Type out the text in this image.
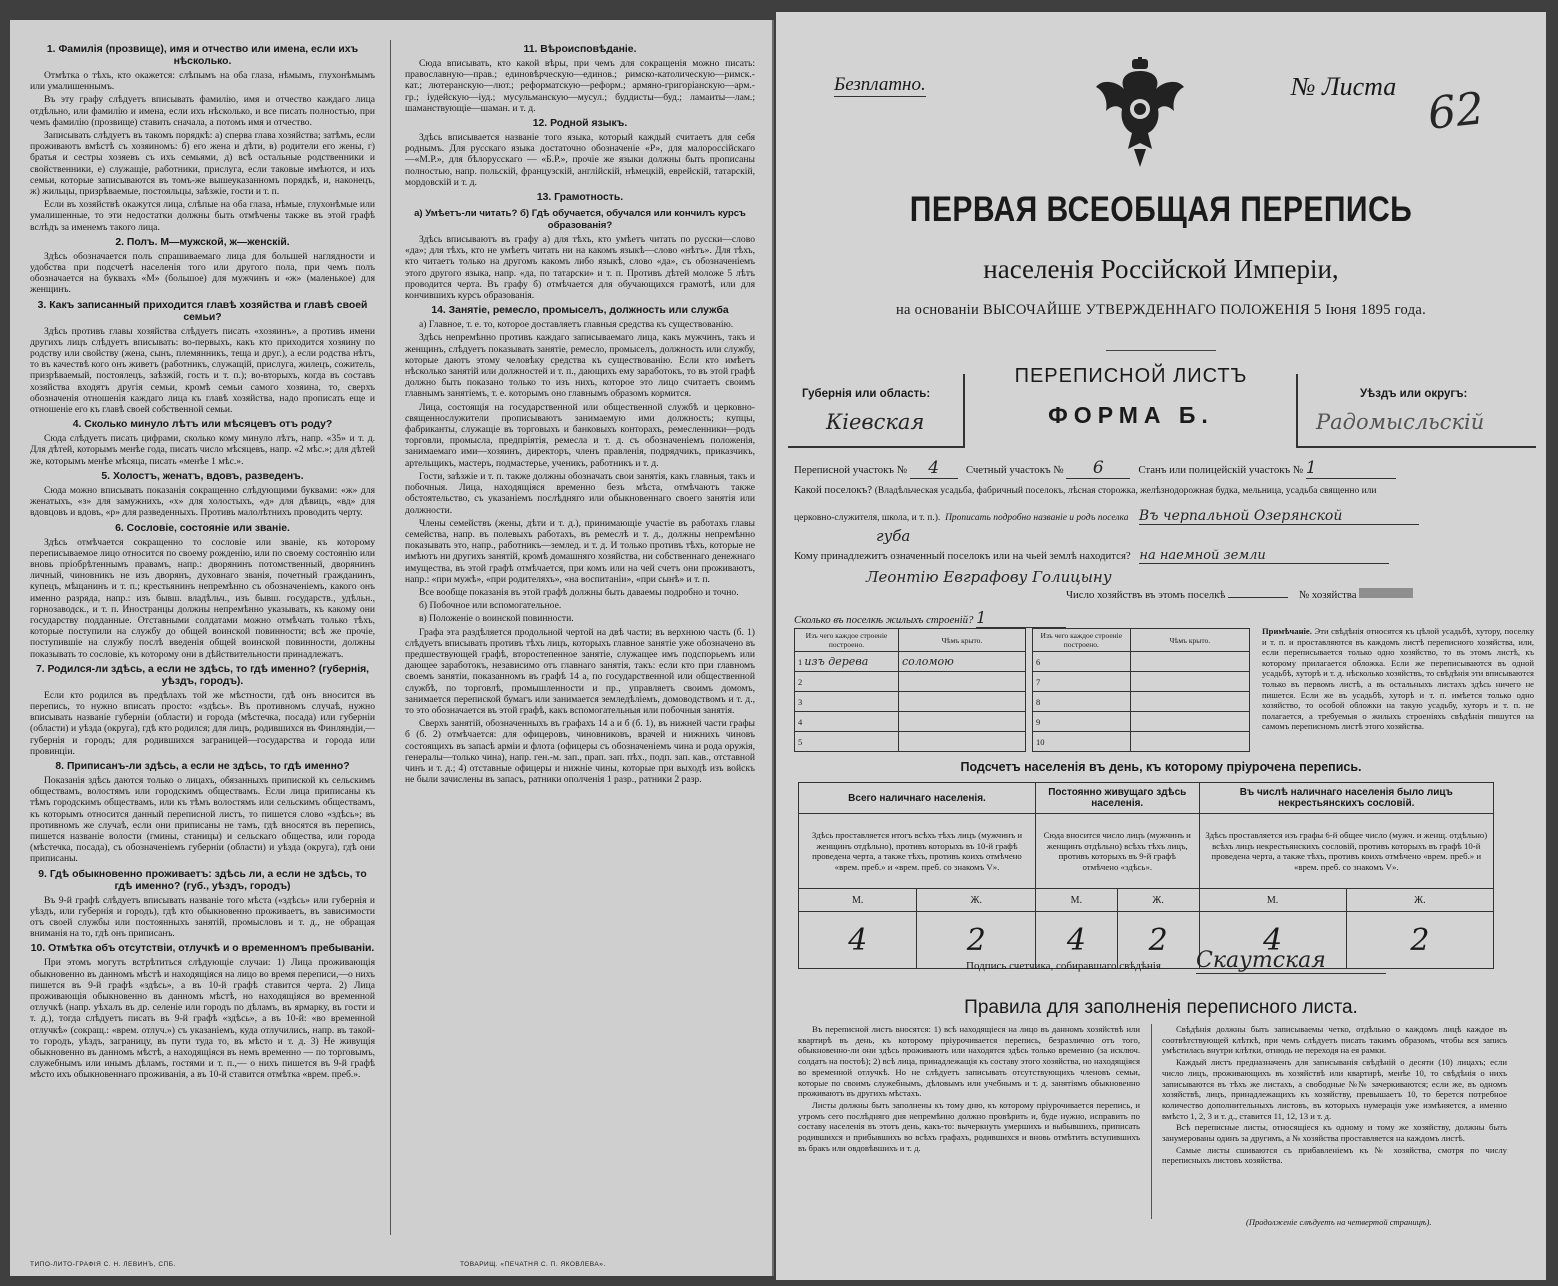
1. Фамилія (прозвище), имя и отчество или имена, если ихъ нѣсколько.

Отмѣтка о тѣхъ, кто окажется: слѣпымъ на оба глаза, нѣмымъ, глухонѣмымъ или умалишеннымъ.

Въ эту графу слѣдуетъ вписывать фамилію, имя и отчество каждаго лица отдѣльно, или фамилію и имена, если ихъ нѣсколько, и все писать полностью, при чемъ фамилію (прозвище) ставить сначала, а потомъ имя и отчество.

Записывать слѣдуетъ въ такомъ порядкѣ: а) сперва глава хозяйства; затѣмъ, если проживаютъ вмѣстѣ съ хозяиномъ: б) его жена и дѣти, в) родители его жены, г) братья и сестры хозяевъ съ ихъ семьями, д) всѣ остальные родственники и свойственники, е) служащіе, работники, прислуга, если таковые имѣются, и ихъ семьи, которые записываются въ томъ-же вышеуказанномъ порядкѣ, и, наконецъ, ж) жильцы, призрѣваемые, постояльцы, заѣзжіе, гости и т. п.

Если въ хозяйствѣ окажутся лица, слѣпые на оба глаза, нѣмые, глухонѣмые или умалишенные, то эти недостатки должны быть отмѣчены также въ этой графѣ вслѣдъ за именемъ такого лица.

2. Полъ. М—мужской, ж—женскій.

Здѣсь обозначается полъ спрашиваемаго лица для большей наглядности и удобства при подсчетѣ населенія того или другого пола, при чемъ полъ обозначается на буквахъ «М» (большое) для мужчинъ и «ж» (маленькое) для женщинъ.

3. Какъ записанный приходится главѣ хозяйства и главѣ своей семьи?

Здѣсь противъ главы хозяйства слѣдуетъ писать «хозяинъ», а противъ имени другихъ лицъ слѣдуетъ вписывать: во-первыхъ, какъ кто приходится хозяину по родству или свойству (жена, сынъ, племянникъ, теща и друг.), а если родства нѣтъ, то въ качествѣ кого онъ живетъ (работникъ, служащій, прислуга, жилецъ, сожитель, призрѣваемый, постоялецъ, заѣзжій, гость и т. п.); во-вторыхъ, когда въ составъ хозяйства входятъ другія семьи, кромѣ семьи самого хозяина, то, сверхъ обозначенія отношенія каждаго лица къ главѣ хозяйства, надо прописать еще и отношеніе его къ главѣ своей собственной семьи.

4. Сколько минуло лѣтъ или мѣсяцевъ отъ роду?

Сюда слѣдуетъ писать цифрами, сколько кому минуло лѣтъ, напр. «35» и т. д. Для дѣтей, которымъ менѣе года, писать число мѣсяцевъ, напр. «2 мѣс.»; для дѣтей же, которымъ менѣе мѣсяца, писать «менѣе 1 мѣс.».

5. Холостъ, женатъ, вдовъ, разведенъ.

Сюда можно вписывать показанія сокращенно слѣдующими буквами: «ж» для женатыхъ, «з» для замужнихъ, «х» для холостыхъ, «д» для дѣвицъ, «вд» для вдовцовъ и вдовъ, «р» для разведенныхъ. Противъ малолѣтнихъ проводить черту.

6. Сословіе, состояніе или званіе.

Здѣсь отмѣчается сокращенно то сословіе или званіе, къ которому переписываемое лицо относится по своему рожденію, или по своему состоянію или вновь пріобрѣтеннымъ правамъ, напр.: дворянинъ потомственный, дворянинъ личный, чиновникъ не изъ дворянъ, духовнаго званія, почетный гражданинъ, купецъ, мѣщанинъ и т. п.; крестьянинъ непремѣнно съ обозначеніемъ, какого онъ именно разряда, напр.: изъ бывш. владѣльч., изъ бывш. государств., удѣльн., горнозаводск., и т. п. Иностранцы должны непремѣнно указывать, къ какому они государству подданные. Отставными солдатами можно отмѣчать только тѣхъ, которые поступили на службу до общей воинской повинности; всѣ же прочіе, поступившіе на службу послѣ введенія общей воинской повинности, должны показывать то сословіе, къ которому они в дѣйствительности принадлежатъ.

7. Родился-ли здѣсь, а если не здѣсь, то гдѣ именно? (губернія, уѣздъ, городъ).

Если кто родился въ предѣлахъ той же мѣстности, гдѣ онъ вносится въ перепись, то нужно вписать просто: «здѣсь». Въ противномъ случаѣ, нужно вписывать названіе губерніи (области) и города (мѣстечка, посада) или губерніи (области) и уѣзда (округа), гдѣ кто родился; для лицъ, родившихся въ Финляндіи,—губернія и городъ; для родившихся заграницей—государства и города или провинціи.

8. Приписанъ-ли здѣсь, а если не здѣсь, то гдѣ именно?

Показанія здѣсь даются только о лицахъ, обязанныхъ припиской къ сельскимъ обществамъ, волостямъ или городскимъ обществамъ. Если лица приписаны къ тѣмъ городскимъ обществамъ, или къ тѣмъ волостямъ или сельскимъ обществамъ, къ которымъ относится данный переписной листъ, то пишется слово «здѣсь»; въ противномъ же случаѣ, если они приписаны не тамъ, гдѣ вносятся въ перепись, пишется названіе волости (гмины, станицы) и сельскаго общества, или города (мѣстечка, посада), съ обозначеніемъ губерніи (области) и уѣзда (округа), гдѣ они приписаны.

9. Гдѣ обыкновенно проживаетъ: здѣсь ли, а если не здѣсь, то гдѣ именно? (губ., уѣздъ, городъ)

Въ 9-й графѣ слѣдуетъ вписывать названіе того мѣста («здѣсь» или губернія и уѣздъ, или губернія и городъ), гдѣ кто обыкновенно проживаетъ, въ зависимости отъ своей службы или постоянныхъ занятій, промысловъ и т. д., не обращая вниманія на то, гдѣ онъ приписанъ.

10. Отмѣтка объ отсутствіи, отлучкѣ и о временномъ пребываніи.

При этомъ могутъ встрѣтиться слѣдующіе случаи: 1) Лица проживающія обыкновенно въ данномъ мѣстѣ и находящіяся на лицо во время переписи,—о нихъ пишется въ 9-й графѣ «здѣсь», а въ 10-й графѣ ставится черта. 2) Лица проживающія обыкновенно въ данномъ мѣстѣ, но находящіяся во временной отлучкѣ (напр. уѣхалъ въ др. селеніе или городъ по дѣламъ, въ ярмарку, въ гости и т. д.), тогда слѣдуетъ писать въ 9-й графѣ «здѣсь», а въ 10-й: «во временной отлучкѣ» (сокращ.: «врем. отлуч.») съ указаніемъ, куда отлучились, напр. въ такой-то городъ, уѣздъ, заграницу, въ пути туда то, въ мѣсто и т. д. 3) Не живущія обыкновенно въ данномъ мѣстѣ, а находящіяся въ немъ временно — по торговымъ, служебнымъ или инымъ дѣламъ, гостями и т. п.,— о нихъ пишется въ 9-й графѣ мѣсто ихъ обыкновеннаго проживанія, а въ 10-й ставится отмѣтка «врем. преб.».

11. Вѣроисповѣданіе.

Сюда вписывать, кто какой вѣры, при чемъ для сокращенія можно писать: православную—прав.; единовѣрческую—единов.; римско-католическую—римск.-кат.; лютеранскую—лют.; реформатскую—реформ.; армяно-григоріанскую—арм.-гр.; іудейскую—іуд.; мусульманскую—мусул.; буддисты—буд.; ламаиты—лам.; шаманствующіе—шаман. и т. д.

12. Родной языкъ.

Здѣсь вписывается названіе того языка, который каждый считаетъ для себя роднымъ. Для русскаго языка достаточно обозначеніе «Р», для малороссійскаго—«М.Р.», для бѣлорусскаго — «Б.Р.», прочіе же языки должны быть прописаны полностью, напр. польскій, французскій, англійскій, нѣмецкій, еврейскій, татарскій, мордовскій и т. д.

13. Грамотность.
а) Умѣетъ-ли читать? б) Гдѣ обучается, обучался или кончилъ курсъ образованія?

Здѣсь вписываютъ въ графу а) для тѣхъ, кто умѣетъ читать по русски—слово «да»; для тѣхъ, кто не умѣетъ читать ни на какомъ языкѣ—слово «нѣтъ». Для тѣхъ, кто читаетъ только на другомъ какомъ либо языкѣ, слово «да», съ обозначеніемъ этого другого языка, напр. «да, по татарски» и т. п. Противъ дѣтей моложе 5 лѣтъ проводится черта. Въ графу б) отмѣчается для обучающихся грамотѣ, или для кончившихъ курсъ образованія.

14. Занятіе, ремесло, промыселъ, должность или служба

а) Главное, т. е. то, которое доставляетъ главныя средства къ существованію.

Здѣсь непремѣнно противъ каждаго записываемаго лица, какъ мужчинъ, такъ и женщинъ, слѣдуетъ показывать занятіе, ремесло, промыселъ, должность или службу, которые даютъ этому человѣку средства къ существованію. Если кто имѣетъ нѣсколько занятій или должностей и т. п., дающихъ ему заработокъ, то въ этой графѣ должно быть показано только то изъ нихъ, которое это лицо считаетъ своимъ главнымъ занятіемъ, т. е. которымъ оно главнымъ образомъ кормится.

Лица, состоящія на государственной или общественной службѣ и церковно-священнослужители прописываютъ занимаемую ими должность; купцы, фабриканты, служащіе въ торговыхъ и банковыхъ конторахъ, ремесленники—родъ торговли, промысла, предпріятія, ремесла и т. д. съ обозначеніемъ положенія, занимаемаго ими—хозяинъ, директоръ, членъ правленія, подрядчикъ, приказчикъ, артельщикъ, мастеръ, подмастерье, ученикъ, работникъ и т. д.

Гости, заѣзжіе и т. п. также должны обозначать свои занятія, какъ главныя, такъ и побочныя. Лица, находящіяся временно безъ мѣста, отмѣчаютъ также обстоятельство, съ указаніемъ послѣдняго или обыкновеннаго своего занятія или должности.

Члены семействъ (жены, дѣти и т. д.), принимающіе участіе въ работахъ главы семейства, напр. въ полевыхъ работахъ, въ ремеслѣ и т. д., должны непремѣнно показывать это, напр., работникъ—землед. и т. д. И только противъ тѣхъ, которые не имѣютъ ни другихъ занятій, кромѣ домашняго хозяйства, ни собственнаго денежнаго имущества, въ этой графѣ отмѣчается, при комъ или на чей счетъ они проживаютъ, напр.: «при мужѣ», «при родителяхъ», «на воспитаніи», «при сынѣ» и т. п.

Все вообще показанія въ этой графѣ должны быть даваемы подробно и точно.

б) Побочное или вспомогательное.

в) Положеніе о воинской повинности.

Графа эта раздѣляется продольной чертой на двѣ части; въ верхнюю часть (б. 1) слѣдуетъ вписывать противъ тѣхъ лицъ, которыхъ главное занятіе уже обозначено въ предшествующей графѣ, второстепенное занятіе, служащее имъ подспорьемъ или дающее заработокъ, независимо отъ главнаго занятія, такъ: если кто при главномъ своемъ занятіи, показанномъ въ графѣ 14 а, по государственной или общественной службѣ, по торговлѣ, промышленности и пр., управляетъ своимъ домомъ, занимается перепиской бумагъ или занимается земледѣліемъ, домоводствомъ и т. д., то это обозначается въ этой графѣ, какъ вспомогательныя или побочныя занятія.

Сверхъ занятій, обозначенныхъ въ графахъ 14 а и б (б. 1), въ нижней части графы б (б. 2) отмѣчается: для офицеровъ, чиновниковъ, врачей и нижнихъ чиновъ состоящихъ въ запасѣ армiи и флота (офицеры съ обозначеніемъ чина и рода оружія, генералы—только чина), напр. ген.-м. зап., прап. зап. пѣх., подп. зап. кав., отставной чинъ и т. д.; 4) отставные офицеры и нижніе чины, которые при выходѣ изъ войскъ не были зачислены въ запасъ, ратники ополченія 1 разр., ратники 2 разр.

ТИПО-ЛИТО-ГРАФІЯ С. Н. ЛЕВИНЪ, СПБ.	ТОВАРИЩ. «ПЕЧАТНЯ С. П. ЯКОВЛЕВА».
Безплатно.	№ Листа 62
ПЕРВАЯ ВСЕОБЩАЯ ПЕРЕПИСЬ
населенія Россійской Имперіи,
на основаніи ВЫСОЧАЙШЕ УТВЕРЖДЕННАГО ПОЛОЖЕНІЯ 5 Іюня 1895 года.
Губернія или область:
Кіевская
ПЕРЕПИСНОЙ ЛИСТЪ
ФОРМА Б.
Уѣздъ или округъ:
Радомысльскій
Переписной участокъ № 4 Счетный участокъ № 6	Станъ или полицейскій участокъ № 1
Какой поселокъ? (Владѣльческая усадьба, фабричный поселокъ, лѣсная сторожка, желѣзнодорожная будка, мельница, усадьба священно или
церковно-служителя, школа, и т. п.). Прописать подробно названіе и родъ поселка Въ черпальной Озерянской
губа
Кому принадлежитъ означенный поселокъ или на чьей землѣ находится? на наемной земли
Леонтію Евграфову Голицыну
Число хозяйствъ въ этомъ поселкѣ	№ хозяйства
Сколько въ поселкѣ жилыхъ строеній? 1
Изъ чего каждое строеніе построено.	Чѣмъ крыто.
1 изъ дерева	соломою
2	
3	
4	
5	
Изъ чего каждое строеніе построено.	Чѣмъ крыто.
6	
7	
8	
9	
10	
Примѣчаніе. Эти свѣдѣнія относятся къ цѣлой усадьбѣ, хутору, поселку и т. п. и проставляются въ каждомъ листѣ переписного хозяйства, или, если переписывается только одно хозяйство, то въ этомъ листѣ, къ которому прилагается обложка. Если же переписываются въ одной усадьбѣ, хуторѣ и т. д. нѣсколько хозяйствъ, то свѣдѣнія эти вписываются только въ первомъ листѣ, а въ остальныхъ листахъ здѣсь ничего не пишется. Если же въ усадьбѣ, хуторѣ и т. п. имѣется только одно хозяйство, то особой обложки на такую усадьбу, хуторъ и т. п. не полагается, а требуемыя о жилыхъ строеніяхъ свѣдѣнія пишутся на самомъ переписномъ листѣ этого хозяйства.
Подсчетъ населенія въ день, къ которому пріурочена перепись.
Всего наличнаго населенія.		Постоянно живущаго здѣсь населенія.		Въ числѣ наличнаго населенія было лицъ некрестьянскихъ сословій.	
Здѣсь проставляется итогъ всѣхъ тѣхъ лицъ (мужчинъ и женщинъ отдѣльно), противъ которыхъ въ 10-й графѣ проведена черта, а также тѣхъ, противъ коихъ отмѣчено «врем. преб.» и «врем. преб. со знакомъ V».		Сюда вносится число лицъ (мужчинъ и женщинъ отдѣльно) всѣхъ тѣхъ лицъ, противъ которыхъ въ 9-й графѣ отмѣчено «здѣсь».		Здѣсь проставляется изъ графы 6-й общее число (мужч. и женщ. отдѣльно) всѣхъ лицъ некрестьянскихъ сословій, противъ которыхъ въ графѣ 10-й проведена черта, а также тѣхъ, противъ коихъ отмѣчено «врем. преб.» и «врем. преб. со знакомъ V».	
М.	Ж.	М.	Ж.	М.	Ж.
4	2	4	2	4	2
Подпись счетчика, собиравшаго свѣдѣнія Скаутская
Правила для заполненія переписного листа.

Въ переписной листъ вносятся: 1) всѣ находящіеся на лицо въ данномъ хозяйствѣ или квартирѣ въ день, къ которому пріурочивается перепись, безразлично отъ того, обыкновенно-ли они здѣсь проживаютъ или находятся здѣсь только временно (за исключ. солдатъ на постоѣ); 2) всѣ лица, принадлежащія къ составу этого хозяйства, но находящіяся во временной отлучкѣ. Но не слѣдуетъ записывать отсутствующихъ членовъ семьи, которые по своимъ служебнымъ, дѣловымъ или учебнымъ и т. д. занятіямъ обыкновенно проживаютъ въ другихъ мѣстахъ.

Листы должны быть заполнены къ тому дню, къ которому пріурочивается перепись, и утромъ сего послѣдняго дня непремѣнно должно провѣрить и, буде нужно, исправить по составу населенія въ этотъ день, какъ-то: вычеркнуть умершихъ и выбывшихъ, приписать родившихся и прибывшихъ во всѣхъ графахъ, родившихся и вновь отмѣтить вступившихъ въ бракъ или овдовѣвшихъ и т. д.

Свѣдѣнія должны быть записываемы четко, отдѣльно о каждомъ лицѣ каждое въ соотвѣтствующей клѣткѣ, при чемъ слѣдуетъ писать такимъ образомъ, чтобы вся запись умѣстилась внутри клѣтки, отнюдь не переходя на ея рамки.

Каждый листъ предназначенъ для записыванія свѣдѣній о десяти (10) лицахъ; если число лицъ, проживающихъ въ хозяйствѣ или квартирѣ, менѣе 10, то свѣдѣнія о нихъ записываются въ тѣхъ же листахъ, а свободные №№ зачеркиваются; если же, въ одномъ хозяйствѣ, лицъ, принадлежащихъ къ хозяйству, превышаетъ 10, то берется потребное количество дополнительныхъ листовъ, въ которыхъ нумерація уже измѣняется, а именно вмѣсто 1, 2, 3 и т. д., ставится 11, 12, 13 и т. д.

Всѣ переписные листы, относящіеся къ одному и тому же хозяйству, должны быть занумерованы одинъ за другимъ, а № хозяйства проставляется на каждомъ листѣ.

Самые листы сшиваются съ прибавленіемъ къ № хозяйства, смотря по числу переписныхъ листовъ хозяйства.

(Продолженіе слѣдуетъ на четвертой страницѣ).
